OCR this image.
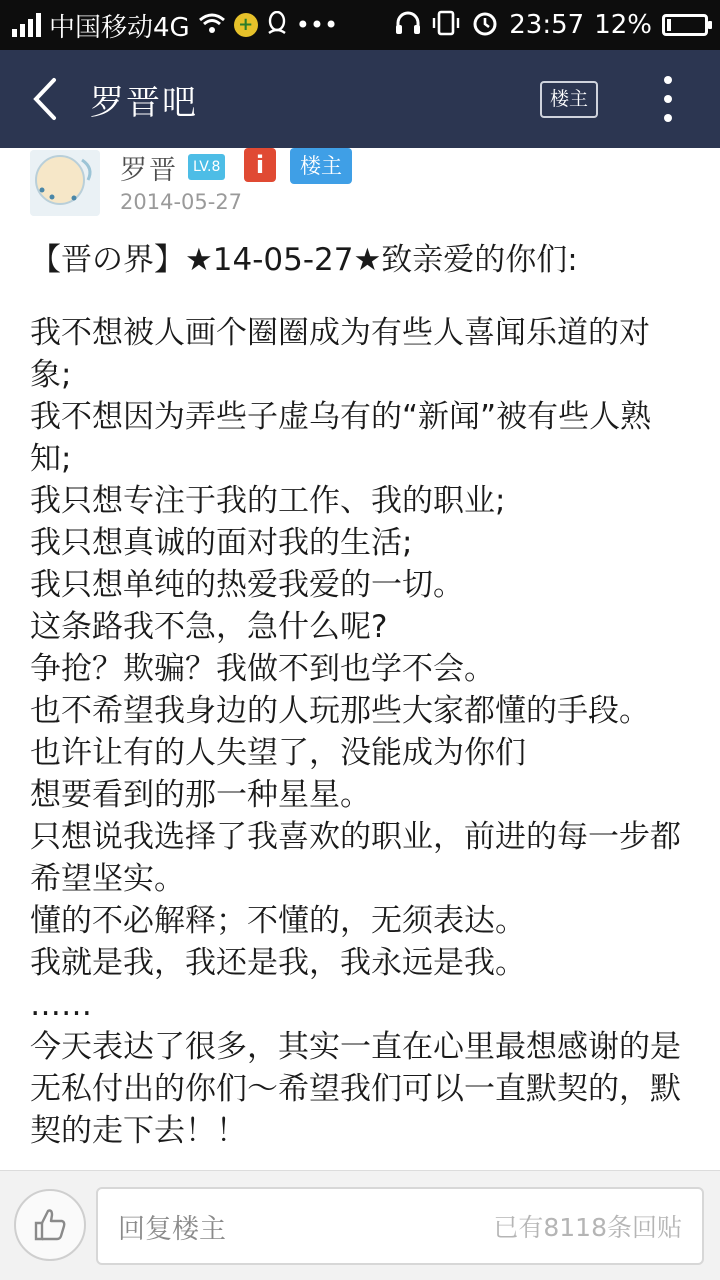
中国移动4G	+ •••	23:57 12%
罗晋吧	楼主
罗晋	LV.8	i	楼主
2014-05-27
【晋の界】★14-05-27★致亲爱的你们:

我不想被人画个圈圈成为有些人喜闻乐道的对象;

我不想因为弄些子虚乌有的“新闻”被有些人熟知;

我只想专注于我的工作、我的职业;

我只想真诚的面对我的生活;

我只想单纯的热爱我爱的一切。

这条路我不急，急什么呢?

争抢？欺骗？我做不到也学不会。

也不希望我身边的人玩那些大家都懂的手段。

也许让有的人失望了，没能成为你们

想要看到的那一种星星。

只想说我选择了我喜欢的职业，前进的每一步都希望坚实。

懂的不必解释；不懂的，无须表达。

我就是我，我还是我，我永远是我。

……

今天表达了很多，其实一直在心里最想感谢的是无私付出的你们～希望我们可以一直默契的，默契的走下去！！

回复楼主	已有8118条回贴
